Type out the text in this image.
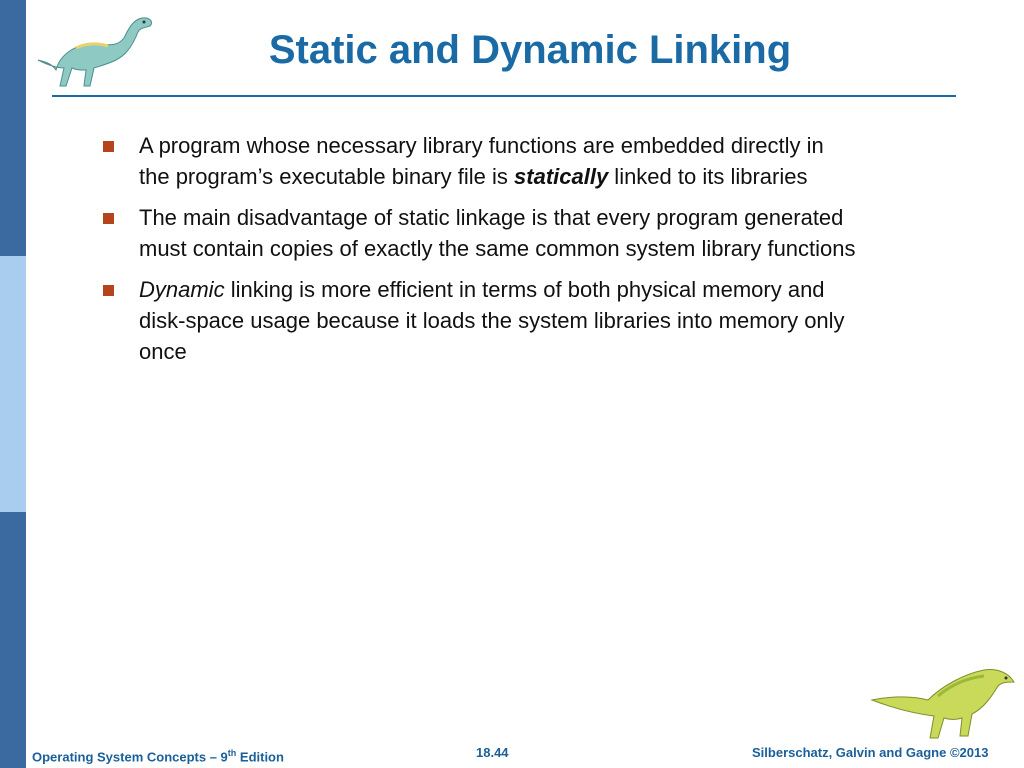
Static and Dynamic Linking
A program whose necessary library functions are embedded directly in the program’s executable binary file is statically linked to its libraries
The main disadvantage of static linkage is that every program generated must contain copies of exactly the same common system library functions
Dynamic linking is more efficient in terms of both physical memory and disk-space usage because it loads the system libraries into memory only once
Operating System Concepts – 9th Edition	18.44	Silberschatz, Galvin and Gagne ©2013
